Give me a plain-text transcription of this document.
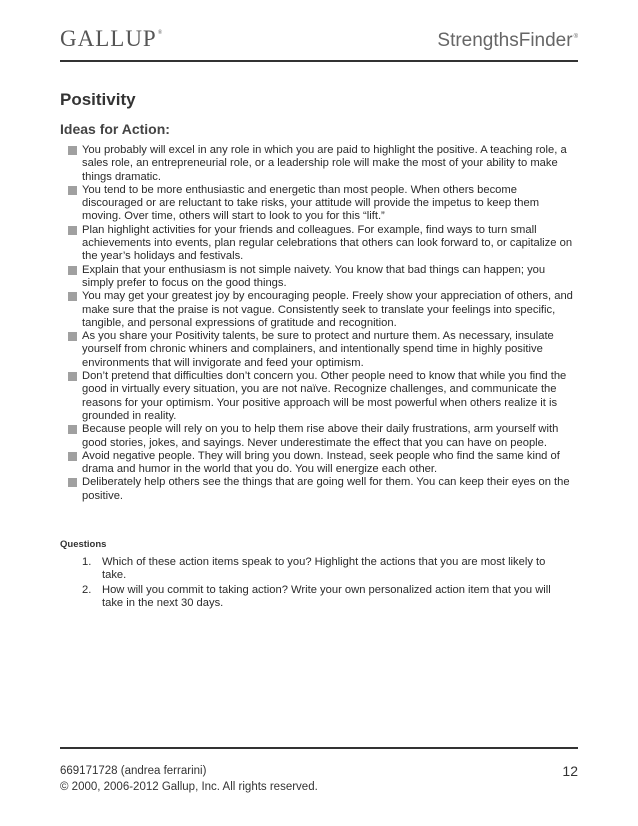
GALLUP®	StrengthsFinder®
Positivity
Ideas for Action:
You probably will excel in any role in which you are paid to highlight the positive. A teaching role, a sales role, an entrepreneurial role, or a leadership role will make the most of your ability to make things dramatic.
You tend to be more enthusiastic and energetic than most people. When others become discouraged or are reluctant to take risks, your attitude will provide the impetus to keep them moving. Over time, others will start to look to you for this “lift.”
Plan highlight activities for your friends and colleagues. For example, find ways to turn small achievements into events, plan regular celebrations that others can look forward to, or capitalize on the year’s holidays and festivals.
Explain that your enthusiasm is not simple naivety. You know that bad things can happen; you simply prefer to focus on the good things.
You may get your greatest joy by encouraging people. Freely show your appreciation of others, and make sure that the praise is not vague. Consistently seek to translate your feelings into specific, tangible, and personal expressions of gratitude and recognition.
As you share your Positivity talents, be sure to protect and nurture them. As necessary, insulate yourself from chronic whiners and complainers, and intentionally spend time in highly positive environments that will invigorate and feed your optimism.
Don’t pretend that difficulties don’t concern you. Other people need to know that while you find the good in virtually every situation, you are not naïve. Recognize challenges, and communicate the reasons for your optimism. Your positive approach will be most powerful when others realize it is grounded in reality.
Because people will rely on you to help them rise above their daily frustrations, arm yourself with good stories, jokes, and sayings. Never underestimate the effect that you can have on people.
Avoid negative people. They will bring you down. Instead, seek people who find the same kind of drama and humor in the world that you do. You will energize each other.
Deliberately help others see the things that are going well for them. You can keep their eyes on the positive.
Questions
1. Which of these action items speak to you? Highlight the actions that you are most likely to take.
2. How will you commit to taking action? Write your own personalized action item that you will take in the next 30 days.
669171728 (andrea ferrarini)
© 2000, 2006-2012 Gallup, Inc. All rights reserved.
12
